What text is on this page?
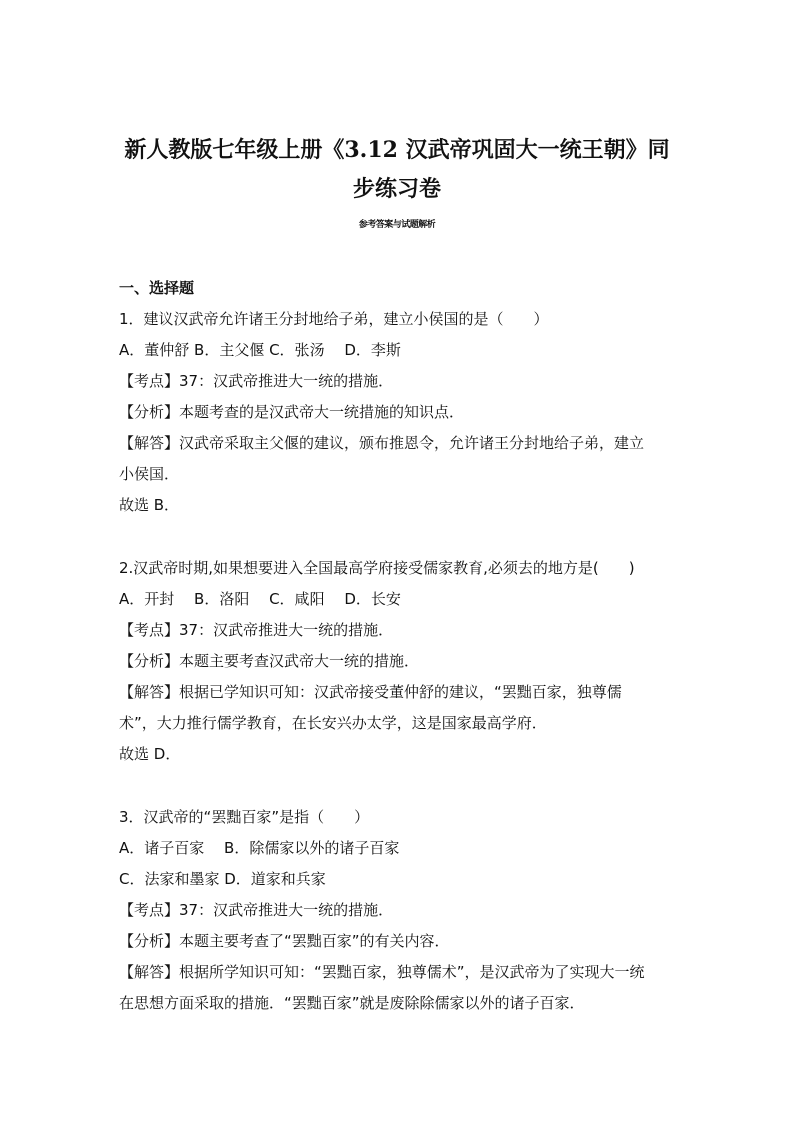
新人教版七年级上册《3.12 汉武帝巩固大一统王朝》同
步练习卷
参考答案与试题解析
一、选择题
1．建议汉武帝允许诸王分封地给子弟，建立小侯国的是（　　）
A．董仲舒 B．主父偃 C．张汤　 D．李斯
【考点】37：汉武帝推进大一统的措施．
【分析】本题考查的是汉武帝大一统措施的知识点．
【解答】汉武帝采取主父偃的建议，颁布推恩令，允许诸王分封地给子弟，建立
小侯国．
故选 B．
2.汉武帝时期,如果想要进入全国最高学府接受儒家教育,必须去的地方是(　　)
A．开封　 B．洛阳　 C．咸阳　 D．长安
【考点】37：汉武帝推进大一统的措施．
【分析】本题主要考查汉武帝大一统的措施．
【解答】根据已学知识可知：汉武帝接受董仲舒的建议，“罢黜百家，独尊儒
术”，大力推行儒学教育，在长安兴办太学，这是国家最高学府．
故选 D．
3．汉武帝的“罢黜百家”是指（　　）
A．诸子百家　 B．除儒家以外的诸子百家
C．法家和墨家 D．道家和兵家
【考点】37：汉武帝推进大一统的措施．
【分析】本题主要考查了“罢黜百家”的有关内容．
【解答】根据所学知识可知：“罢黜百家，独尊儒术”，是汉武帝为了实现大一统
在思想方面采取的措施．“罢黜百家”就是废除除儒家以外的诸子百家．
